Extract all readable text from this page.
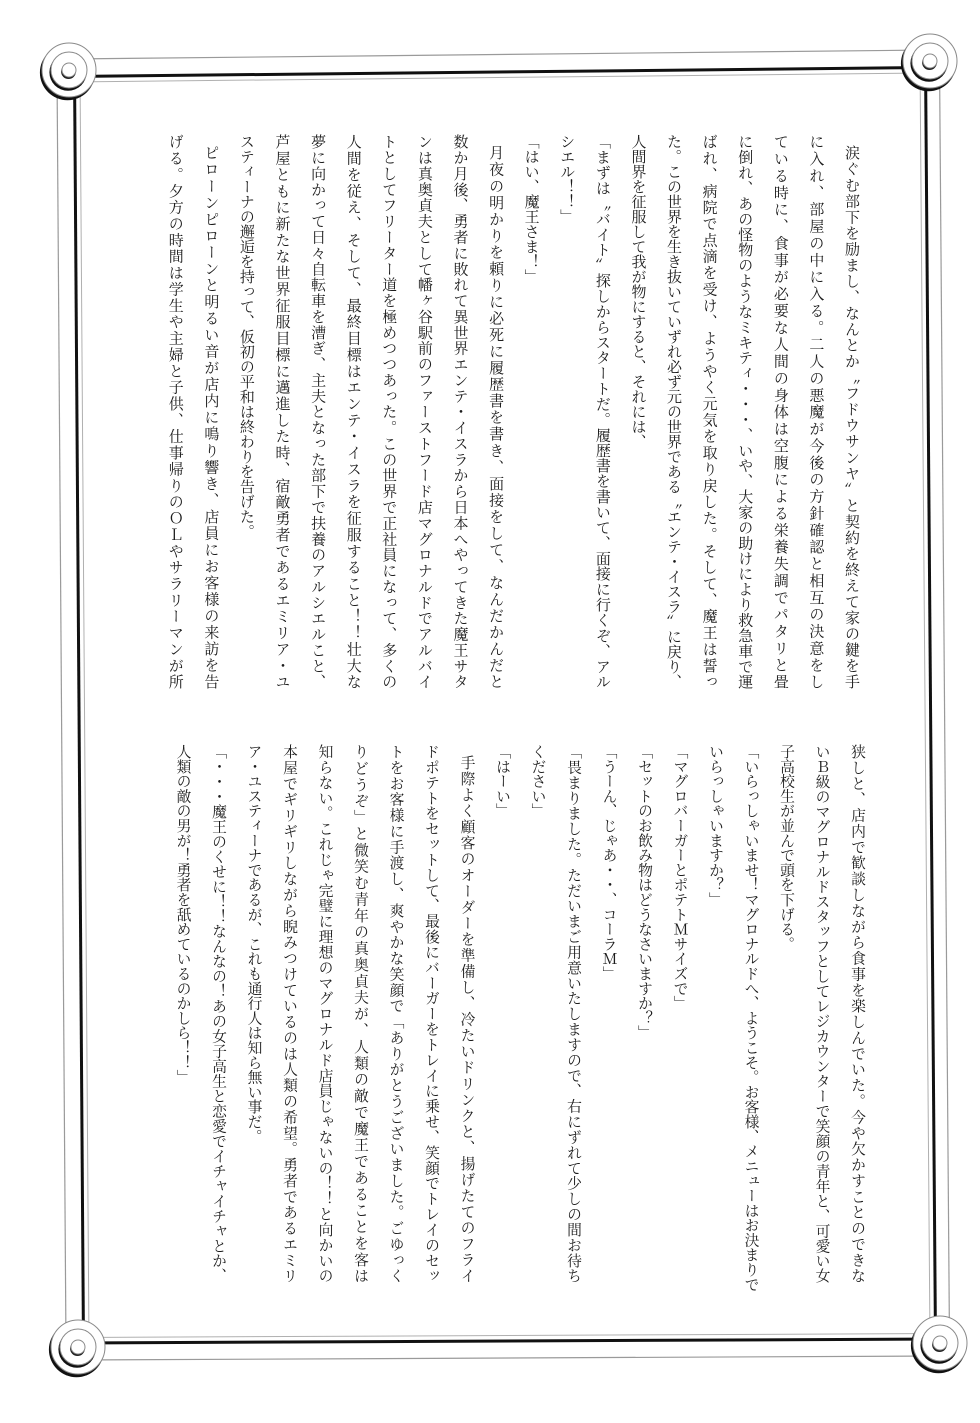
涙ぐむ部下を励まし、なんとか〝フドウサンヤ〟と契約を終えて家の鍵を手
に入れ、部屋の中に入る。二人の悪魔が今後の方針確認と相互の決意をし
ている時に、食事が必要な人間の身体は空腹による栄養失調でパタリと畳
に倒れ、あの怪物のようなミキティ・・・、いや、大家の助けにより救急車で運
ばれ、病院で点滴を受け、ようやく元気を取り戻した。そして、魔王は誓っ
た。この世界を生き抜いていずれ必ず元の世界である〝エンテ・イスラ〟に戻り、
人間界を征服して我が物にすると、それには、
「まずは〝バイト〟探しからスタートだ。履歴書を書いて、面接に行くぞ、アル
シエル！！」
「はい、魔王さま！」
月夜の明かりを頼りに必死に履歴書を書き、面接をして、なんだかんだと
数か月後、勇者に敗れて異世界エンテ・イスラから日本へやってきた魔王サタ
ンは真奥貞夫として幡ヶ谷駅前のファーストフード店マグロナルドでアルバイ
トとしてフリーター道を極めつつあった。この世界で正社員になって、多くの
人間を従え、そして、最終目標はエンテ・イスラを征服すること！！壮大な
夢に向かって日々自転車を漕ぎ、主夫となった部下で扶養のアルシエルこと、
芦屋ともに新たな世界征服目標に邁進した時、宿敵勇者であるエミリア・ユ
スティーナの邂逅を持って、仮初の平和は終わりを告げた。
ピローンピローンと明るい音が店内に鳴り響き、店員にお客様の来訪を告
げる。夕方の時間は学生や主婦と子供、仕事帰りのＯＬやサラリーマンが所
狭しと、店内で歓談しながら食事を楽しんでいた。今や欠かすことのできな
いＢ級のマグロナルドスタッフとしてレジカウンターで笑顔の青年と、可愛い女
子高校生が並んで頭を下げる。
「いらっしゃいませ！マグロナルドへ、ようこそ。お客様、メニューはお決まりで
いらっしゃいますか？」
「マグロバーガーとポテトＭサイズで」
「セットのお飲み物はどうなさいますか？」
「うーん、じゃあ・・、コーラＭ」
「畏まりました。ただいまご用意いたしますので、右にずれて少しの間お待ち
ください」
「はーい」
手際よく顧客のオーダーを準備し、冷たいドリンクと、揚げたてのフライ
ドポテトをセットして、最後にバーガーをトレイに乗せ、笑顔でトレイのセッ
トをお客様に手渡し、爽やかな笑顔で「ありがとうございました。ごゆっく
りどうぞ」と微笑む青年の真奥貞夫が、人類の敵で魔王であることを客は
知らない。これじゃ完璧に理想のマグロナルド店員じゃないの！！と向かいの
本屋でギリギリしながら睨みつけているのは人類の希望。勇者であるエミリ
ア・ユスティーナであるが、これも通行人は知ら無い事だ。
「・・・魔王のくせに！！なんなの！あの女子高生と恋愛でイチャイチャとか、
人類の敵の男が！勇者を舐めているのかしら！！」
